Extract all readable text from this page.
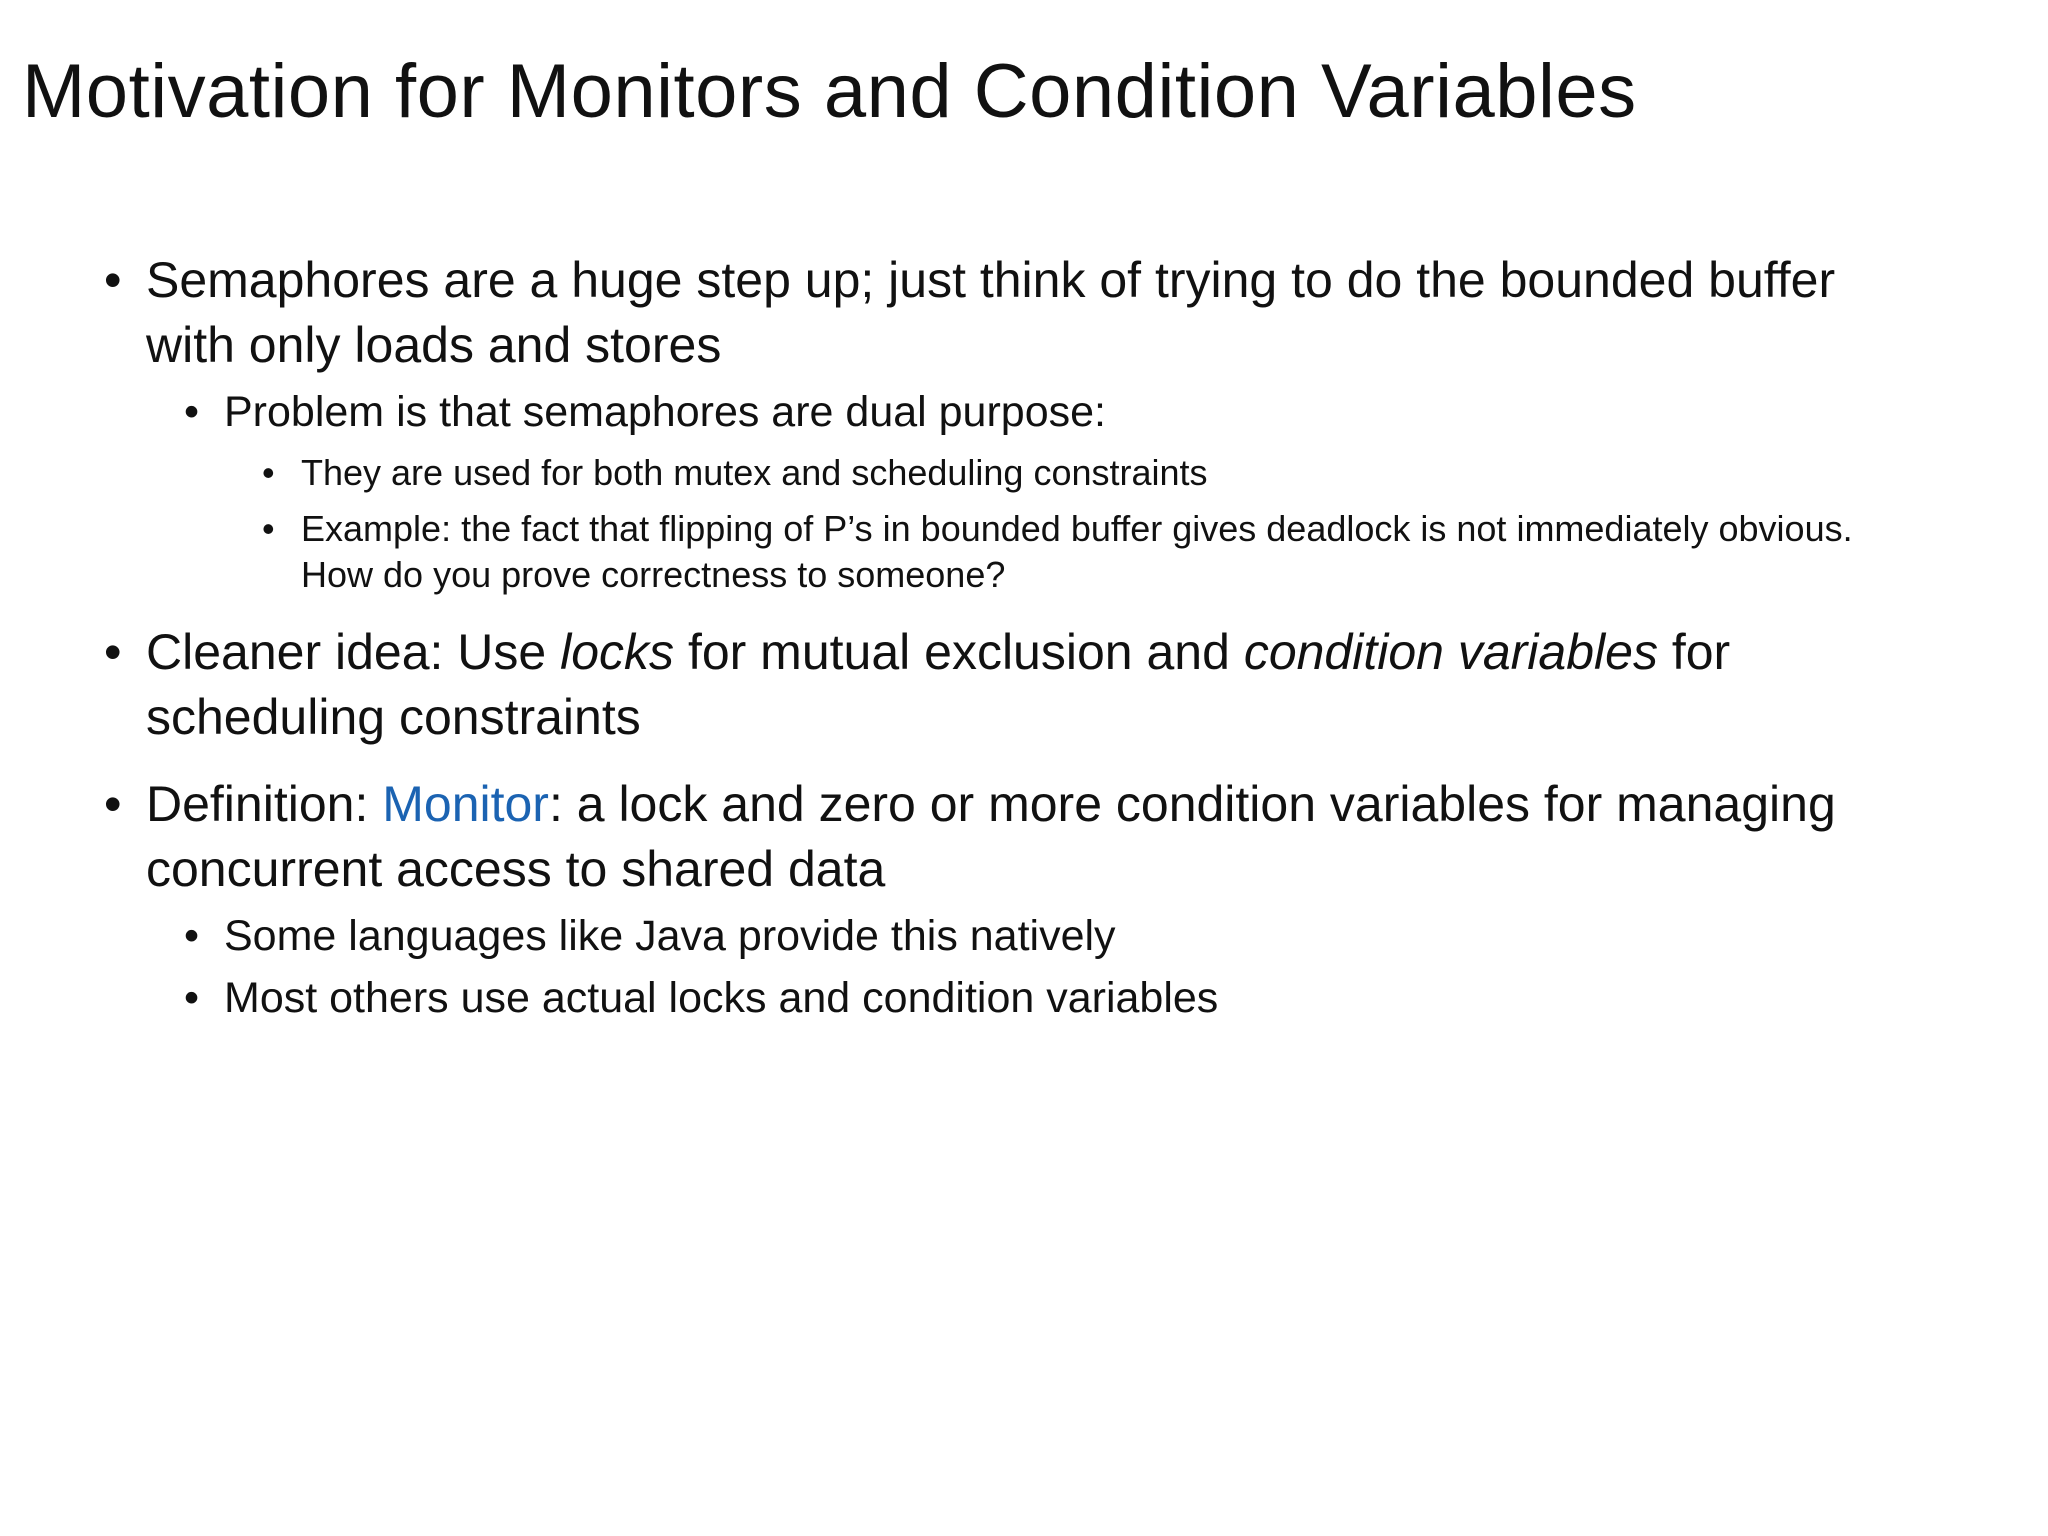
Motivation for Monitors and Condition Variables
• Semaphores are a huge step up; just think of trying to do the bounded buffer with only loads and stores
• Problem is that semaphores are dual purpose:
• They are used for both mutex and scheduling constraints
• Example: the fact that flipping of P’s in bounded buffer gives deadlock is not immediately obvious. How do you prove correctness to someone?
• Cleaner idea: Use locks for mutual exclusion and condition variables for scheduling constraints
• Definition: Monitor: a lock and zero or more condition variables for managing concurrent access to shared data
• Some languages like Java provide this natively
• Most others use actual locks and condition variables
